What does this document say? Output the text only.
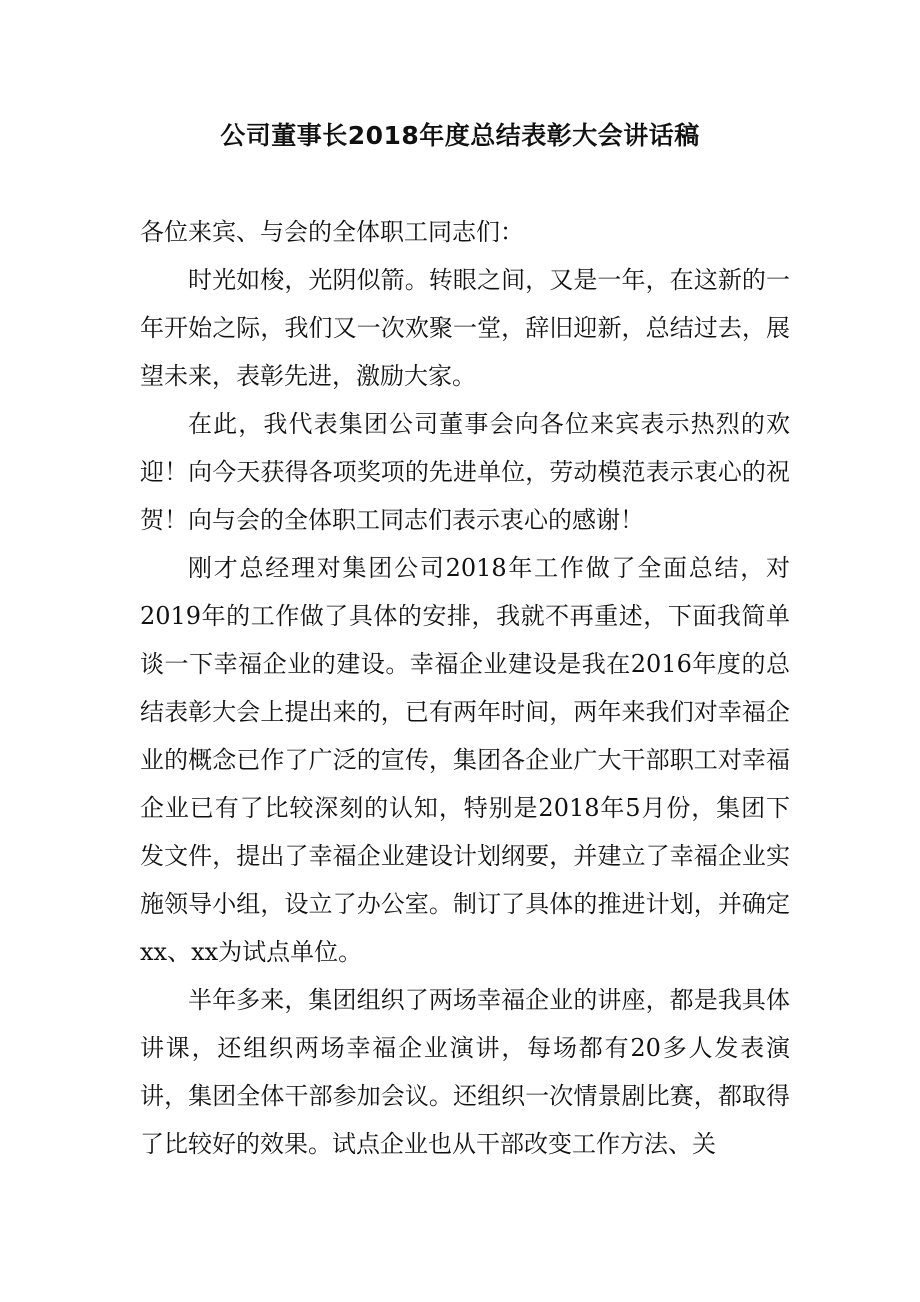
公司董事长2018年度总结表彰大会讲话稿

各位来宾、与会的全体职工同志们：

时光如梭，光阴似箭。转眼之间，又是一年，在这新的一年开始之际，我们又一次欢聚一堂，辞旧迎新，总结过去，展望未来，表彰先进，激励大家。

在此，我代表集团公司董事会向各位来宾表示热烈的欢迎！向今天获得各项奖项的先进单位，劳动模范表示衷心的祝贺！向与会的全体职工同志们表示衷心的感谢！

刚才总经理对集团公司2018年工作做了全面总结，对2019年的工作做了具体的安排，我就不再重述，下面我简单谈一下幸福企业的建设。幸福企业建设是我在2016年度的总结表彰大会上提出来的，已有两年时间，两年来我们对幸福企业的概念已作了广泛的宣传，集团各企业广大干部职工对幸福企业已有了比较深刻的认知，特别是2018年5月份，集团下发文件，提出了幸福企业建设计划纲要，并建立了幸福企业实施领导小组，设立了办公室。制订了具体的推进计划，并确定xx、xx为试点单位。

半年多来，集团组织了两场幸福企业的讲座，都是我具体讲课，还组织两场幸福企业演讲，每场都有20多人发表演讲，集团全体干部参加会议。还组织一次情景剧比赛，都取得了比较好的效果。试点企业也从干部改变工作方法、关
